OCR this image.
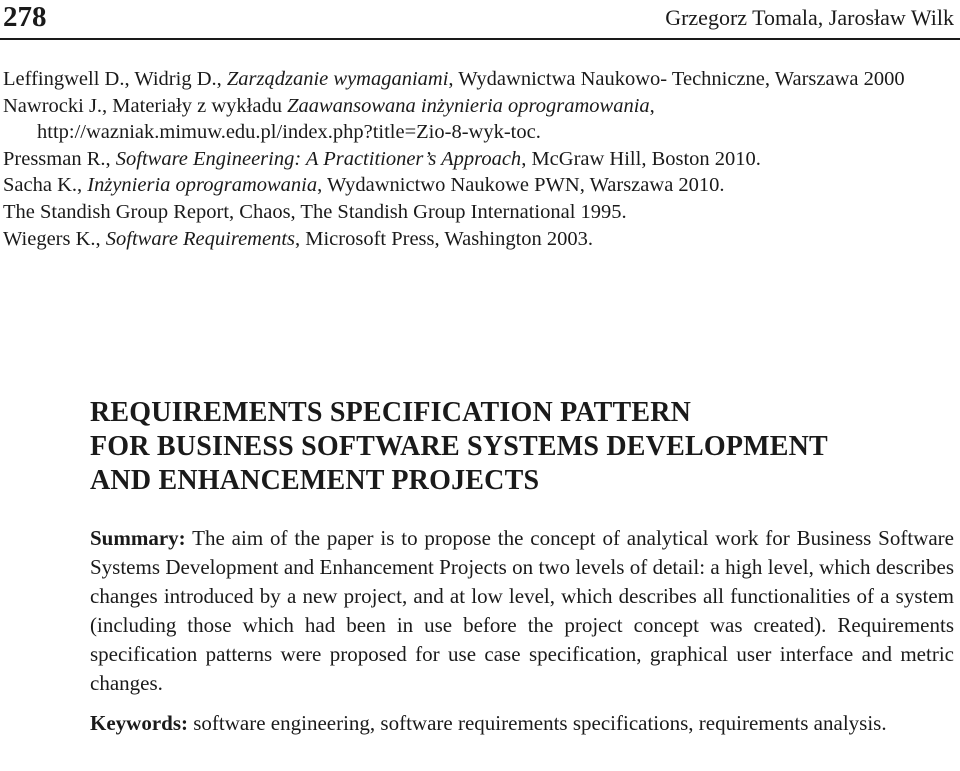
278	Grzegorz Tomala, Jarosław Wilk
Leffingwell D., Widrig D., Zarządzanie wymaganiami, Wydawnictwa Naukowo- Techniczne, Warszawa 2000
Nawrocki J., Materiały z wykładu Zaawansowana inżynieria oprogramowania, http://wazniak.mimuw.edu.pl/index.php?title=Zio-8-wyk-toc.
Pressman R., Software Engineering: A Practitioner’s Approach, McGraw Hill, Boston 2010.
Sacha K., Inżynieria oprogramowania, Wydawnictwo Naukowe PWN, Warszawa 2010.
The Standish Group Report, Chaos, The Standish Group International 1995.
Wiegers K., Software Requirements, Microsoft Press, Washington 2003.
REQUIREMENTS SPECIFICATION PATTERN
FOR BUSINESS SOFTWARE SYSTEMS DEVELOPMENT
AND ENHANCEMENT PROJECTS

Summary: The aim of the paper is to propose the concept of analytical work for Business Software Systems Development and Enhancement Projects on two levels of detail: a high level, which describes changes introduced by a new project, and at low level, which describes all functionalities of a system (including those which had been in use before the project concept was created). Requirements specification patterns were proposed for use case specification, graphical user interface and metric changes.

Keywords: software engineering, software requirements specifications, requirements analysis.
